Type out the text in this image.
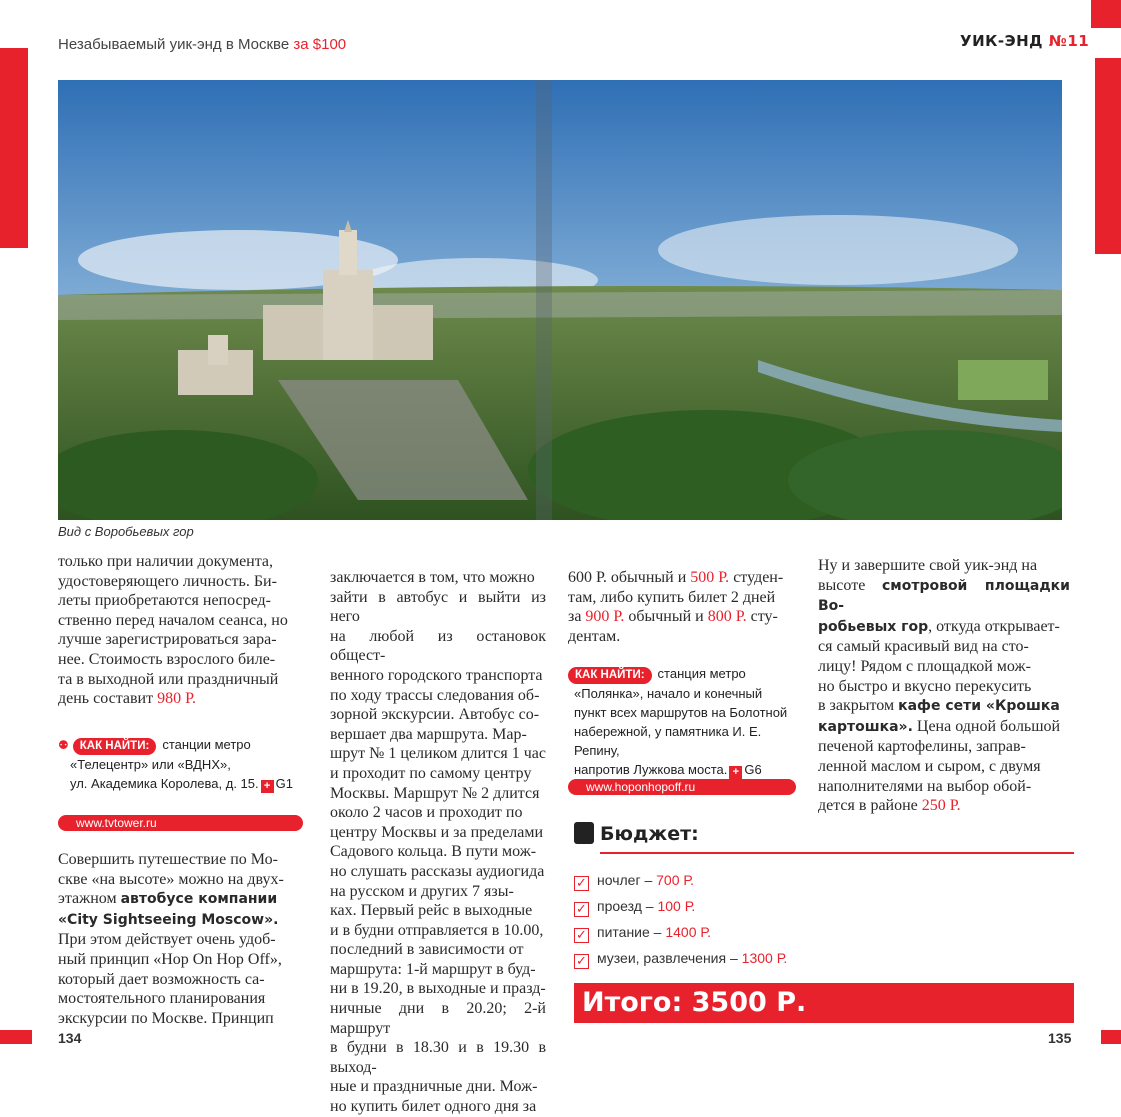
Незабываемый уик-энд в Москве за $100	УИК-ЭНД №11
Вид с Воробьевых гор

только при наличии документа,

удостоверяющего личность. Би-

леты приобретаются непосред-

ственно перед началом сеанса, но

лучше зарегистрироваться зара-

нее. Стоимость взрослого биле-

та в выходной или праздничный

день составит 980 Р.

⚉ КАК НАЙТИ: станции метро
«Телецентр» или «ВДНХ»,
ул. Академика Королева, д. 15. + G1
www.tvtower.ru

Совершить путешествие по Мо-

скве «на высоте» можно на двух-

этажном автобусе компании

«City Sightseeing Moscow».

При этом действует очень удоб-

ный принцип «Hop On Hop Off»,

который дает возможность са-

мостоятельного планирования

экскурсии по Москве. Принцип

заключается в том, что можно

зайти в автобус и выйти из него

на любой из остановок общест-

венного городского транспорта

по ходу трассы следования об-

зорной экскурсии. Автобус со-

вершает два маршрута. Мар-

шрут № 1 целиком длится 1 час

и проходит по самому центру

Москвы. Маршрут № 2 длится

около 2 часов и проходит по

центру Москвы и за пределами

Садового кольца. В пути мож-

но слушать рассказы аудиогида

на русском и других 7 язы-

ках. Первый рейс в выходные

и в будни отправляется в 10.00,

последний в зависимости от

маршрута: 1-й маршрут в буд-

ни в 19.20, в выходные и празд-

ничные дни в 20.20; 2-й маршрут

в будни в 18.30 и в 19.30 в выход-

ные и праздничные дни. Мож-

но купить билет одного дня за

600 Р. обычный и 500 Р. студен-

там, либо купить билет 2 дней

за 900 Р. обычный и 800 Р. сту-

дентам.

КАК НАЙТИ: станция метро
«Полянка», начало и конечный
пункт всех маршрутов на Болотной
набережной, у памятника И. Е. Репину,
напротив Лужкова моста. + G6
www.hoponhopoff.ru

Ну и завершите свой уик-энд на

высоте смотровой площадки Во-

робьевых гор, откуда открывает-

ся самый красивый вид на сто-

лицу! Рядом с площадкой мож-

но быстро и вкусно перекусить

в закрытом кафе сети «Крошка

картошка». Цена одной большой

печеной картофелины, заправ-

ленной маслом и сыром, с двумя

наполнителями на выбор обой-

дется в районе 250 Р.

Бюджет:
✓ ночлег – 700 Р.
✓ проезд – 100 Р.
✓ питание – 1400 Р.
✓ музеи, развлечения – 1300 Р.
Итого: 3500 Р.
134	135
